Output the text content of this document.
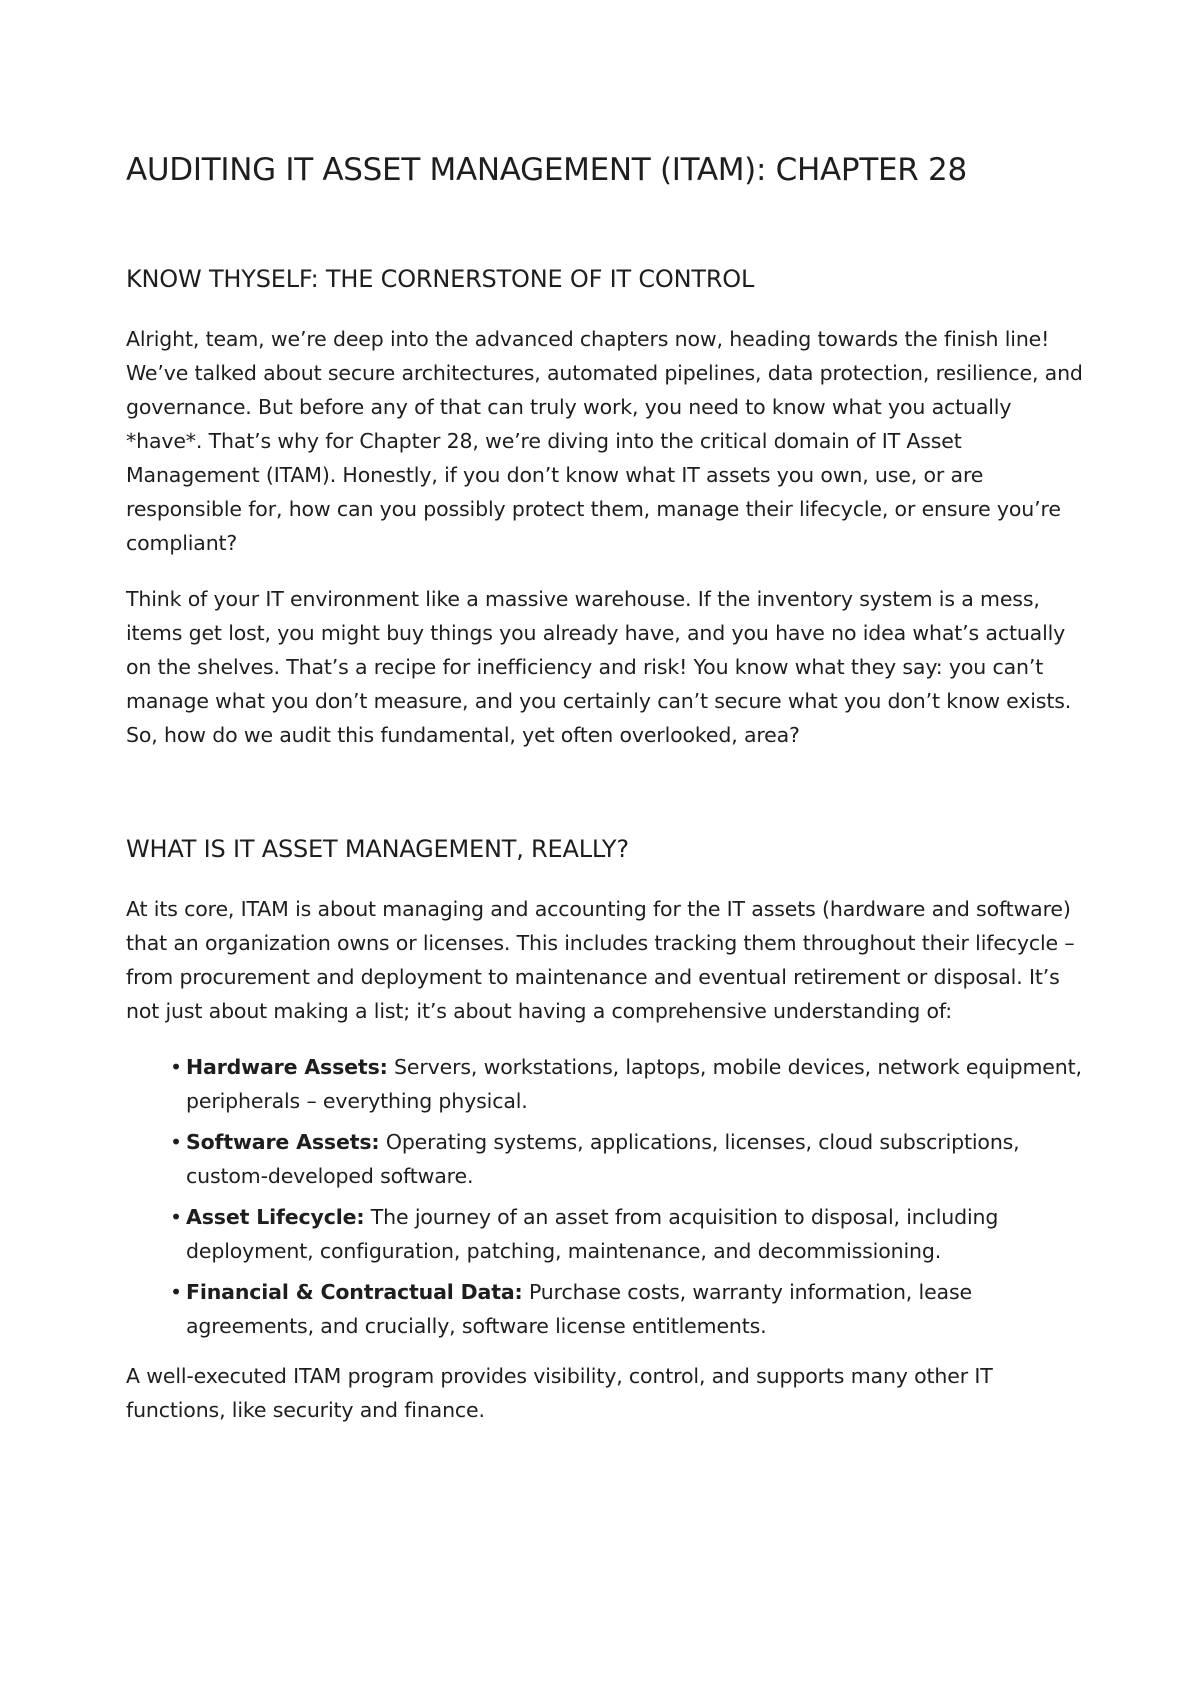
AUDITING IT ASSET MANAGEMENT (ITAM): CHAPTER 28
KNOW THYSELF: THE CORNERSTONE OF IT CONTROL

Alright, team, we’re deep into the advanced chapters now, heading towards the finish line! We’ve talked about secure architectures, automated pipelines, data protection, resilience, and governance. But before any of that can truly work, you need to know what you actually *have*. That’s why for Chapter 28, we’re diving into the critical domain of IT Asset Management (ITAM). Honestly, if you don’t know what IT assets you own, use, or are responsible for, how can you possibly protect them, manage their lifecycle, or ensure you’re compliant?

Think of your IT environment like a massive warehouse. If the inventory system is a mess, items get lost, you might buy things you already have, and you have no idea what’s actually on the shelves. That’s a recipe for inefficiency and risk! You know what they say: you can’t manage what you don’t measure, and you certainly can’t secure what you don’t know exists. So, how do we audit this fundamental, yet often overlooked, area?

WHAT IS IT ASSET MANAGEMENT, REALLY?

At its core, ITAM is about managing and accounting for the IT assets (hardware and software) that an organization owns or licenses. This includes tracking them throughout their lifecycle – from procurement and deployment to maintenance and eventual retirement or disposal. It’s not just about making a list; it’s about having a comprehensive understanding of:

• Hardware Assets: Servers, workstations, laptops, mobile devices, network equipment, peripherals – everything physical.
• Software Assets: Operating systems, applications, licenses, cloud subscriptions, custom-developed software.
• Asset Lifecycle: The journey of an asset from acquisition to disposal, including deployment, configuration, patching, maintenance, and decommissioning.
• Financial & Contractual Data: Purchase costs, warranty information, lease agreements, and crucially, software license entitlements.

A well-executed ITAM program provides visibility, control, and supports many other IT functions, like security and finance.
